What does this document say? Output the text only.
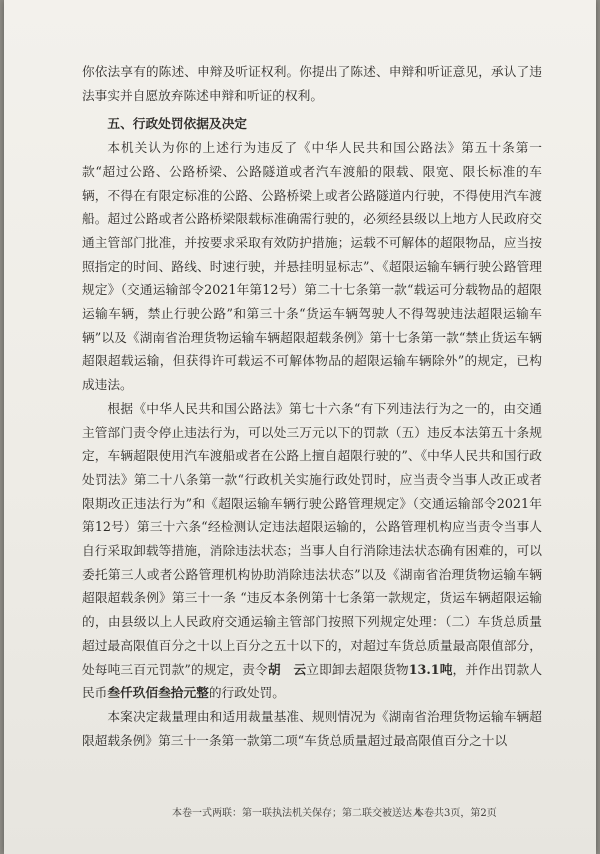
你依法享有的陈述、申辩及听证权利。你提出了陈述、申辩和听证意见，承认了违法事实并自愿放弃陈述申辩和听证的权利。

五、行政处罚依据及决定

本机关认为你的上述行为违反了《中华人民共和国公路法》第五十条第一款“超过公路、公路桥梁、公路隧道或者汽车渡船的限载、限宽、限长标准的车辆，不得在有限定标准的公路、公路桥梁上或者公路隧道内行驶，不得使用汽车渡船。超过公路或者公路桥梁限载标准确需行驶的，必须经县级以上地方人民政府交通主管部门批准，并按要求采取有效防护措施；运载不可解体的超限物品，应当按照指定的时间、路线、时速行驶，并悬挂明显标志”、《超限运输车辆行驶公路管理规定》（交通运输部令2021年第12号）第二十七条第一款“载运可分载物品的超限运输车辆，禁止行驶公路”和第三十条“货运车辆驾驶人不得驾驶违法超限运输车辆”以及《湖南省治理货物运输车辆超限超载条例》第十七条第一款“禁止货运车辆超限超载运输，但获得许可载运不可解体物品的超限运输车辆除外”的规定，已构成违法。

根据《中华人民共和国公路法》第七十六条“有下列违法行为之一的，由交通主管部门责令停止违法行为，可以处三万元以下的罚款（五）违反本法第五十条规定，车辆超限使用汽车渡船或者在公路上擅自超限行驶的”、《中华人民共和国行政处罚法》第二十八条第一款“行政机关实施行政处罚时，应当责令当事人改正或者限期改正违法行为”和《超限运输车辆行驶公路管理规定》（交通运输部令2021年第12号）第三十六条“经检测认定违法超限运输的，公路管理机构应当责令当事人自行采取卸载等措施，消除违法状态；当事人自行消除违法状态确有困难的，可以委托第三人或者公路管理机构协助消除违法状态”以及《湖南省治理货物运输车辆超限超载条例》第三十一条 “违反本条例第十七条第一款规定，货运车辆超限运输的，由县级以上人民政府交通运输主管部门按照下列规定处理：（二）车货总质量超过最高限值百分之十以上百分之五十以下的，对超过车货总质量最高限值部分，处每吨三百元罚款”的规定，责令胡　云立即卸去超限货物13.1吨，并作出罚款人民币叁仟玖佰叁拾元整的行政处罚。

本案决定裁量理由和适用裁量基准、规则情况为《湖南省治理货物运输车辆超限超载条例》第三十一条第一款第二项“车货总质量超过最高限值百分之十以

本卷一式两联：第一联执法机关保存；第二联交被送达人
本卷共3页，第2页
